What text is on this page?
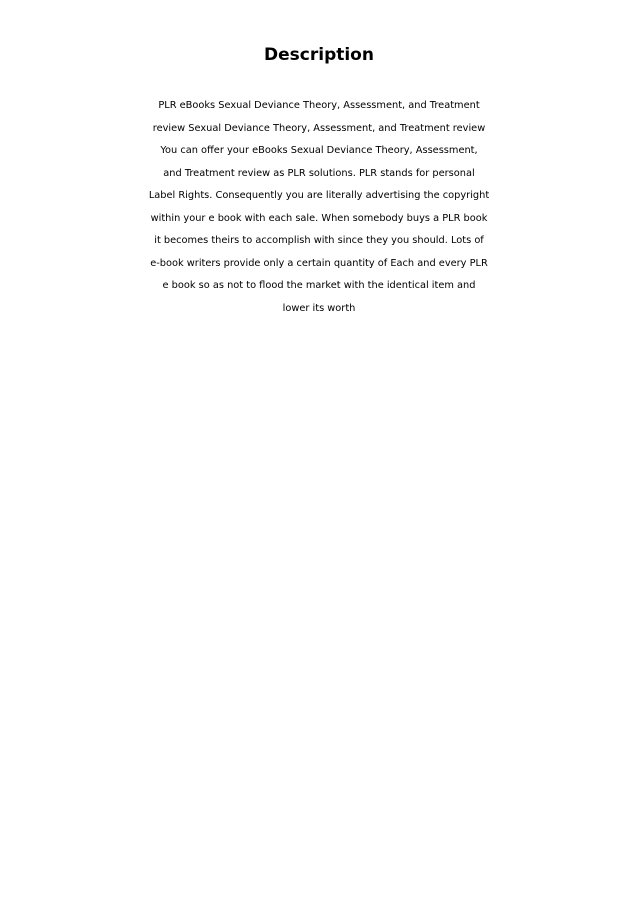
Description
PLR eBooks Sexual Deviance Theory, Assessment, and Treatment
review Sexual Deviance Theory, Assessment, and Treatment review
You can offer your eBooks Sexual Deviance Theory, Assessment,
and Treatment review as PLR solutions. PLR stands for personal
Label Rights. Consequently you are literally advertising the copyright
within your e book with each sale. When somebody buys a PLR book
it becomes theirs to accomplish with since they you should. Lots of
e-book writers provide only a certain quantity of Each and every PLR
e book so as not to flood the market with the identical item and
lower its worth
